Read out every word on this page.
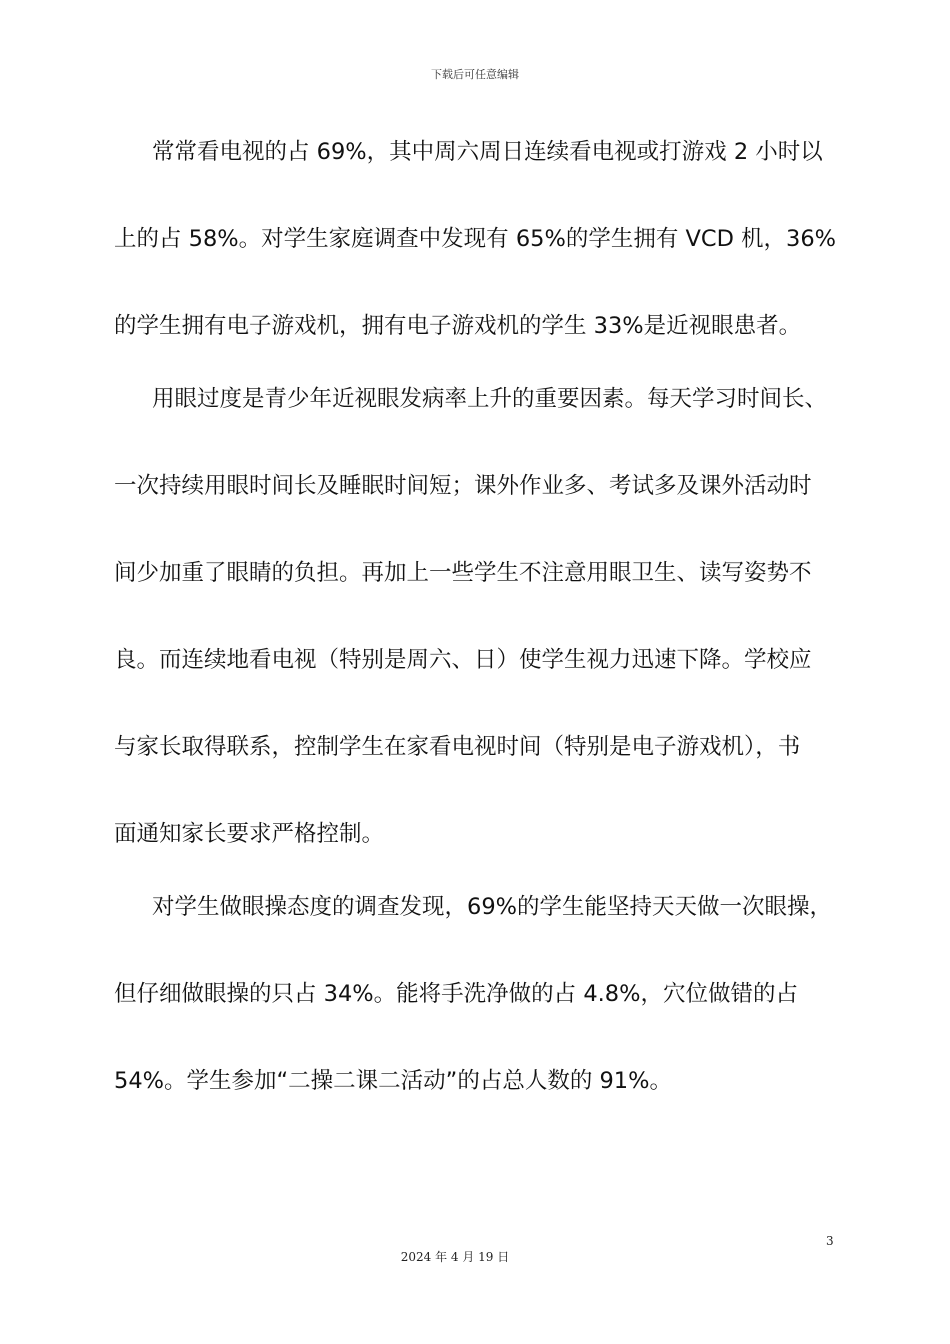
下载后可任意编辑
常常看电视的占 69%，其中周六周日连续看电视或打游戏 2 小时以
上的占 58%。对学生家庭调查中发现有 65%的学生拥有 VCD 机，36%
的学生拥有电子游戏机，拥有电子游戏机的学生 33%是近视眼患者。
用眼过度是青少年近视眼发病率上升的重要因素。每天学习时间长、
一次持续用眼时间长及睡眠时间短；课外作业多、考试多及课外活动时
间少加重了眼睛的负担。再加上一些学生不注意用眼卫生、读写姿势不
良。而连续地看电视（特别是周六、日）使学生视力迅速下降。学校应
与家长取得联系，控制学生在家看电视时间（特别是电子游戏机），书
面通知家长要求严格控制。
对学生做眼操态度的调查发现，69%的学生能坚持天天做一次眼操，
但仔细做眼操的只占 34%。能将手洗净做的占 4.8%，穴位做错的占
54%。学生参加“二操二课二活动”的占总人数的 91%。
3
2024 年 4 月 19 日
